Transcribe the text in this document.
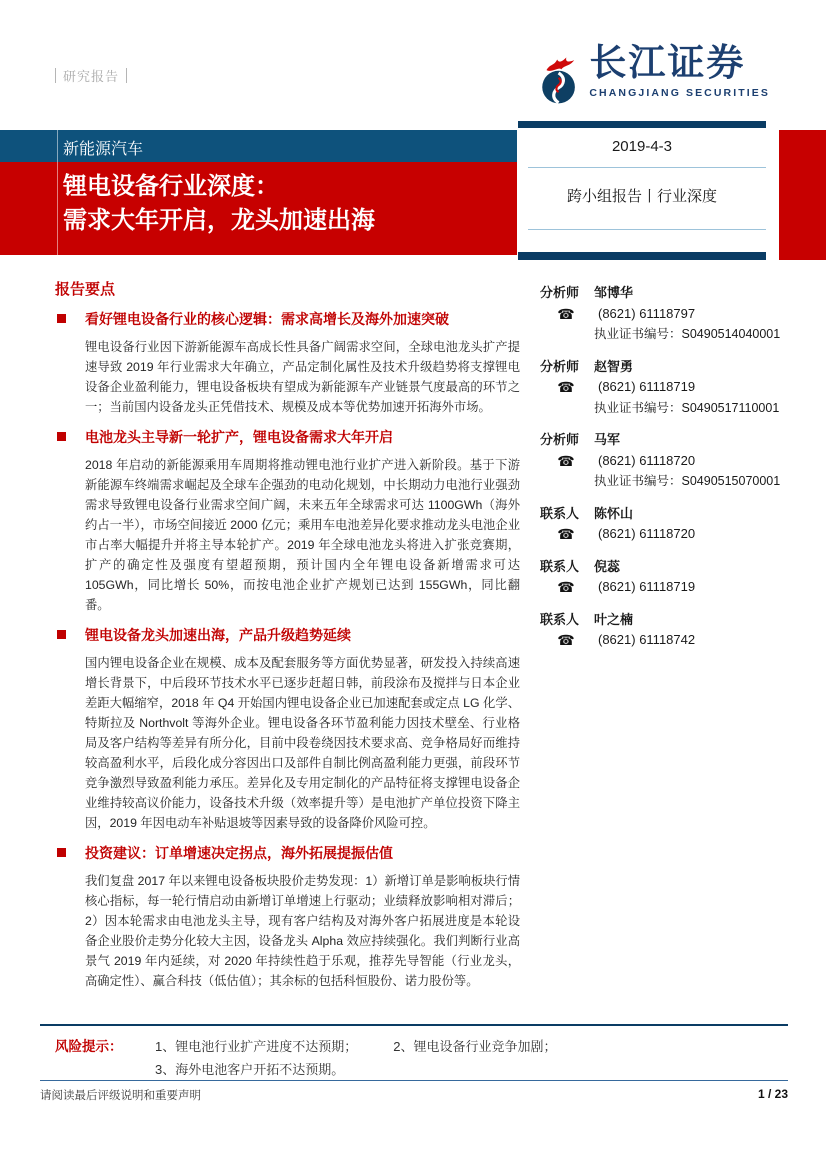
研究报告	长江证券
CHANGJIANG SECURITIES
新能源汽车
锂电设备行业深度：
需求大年开启，龙头加速出海
2019-4-3
跨小组报告丨行业深度
分析师	邹博华
☎	(8621) 61118797
执业证书编号：S0490514040001
分析师	赵智勇
☎	(8621) 61118719
执业证书编号：S0490517110001
分析师	马军
☎	(8621) 61118720
执业证书编号：S0490515070001
联系人	陈怀山
☎	(8621) 61118720
联系人	倪蕊
☎	(8621) 61118719
联系人	叶之楠
☎	(8621) 61118742
报告要点
看好锂电设备行业的核心逻辑：需求高增长及海外加速突破

锂电设备行业因下游新能源车高成长性具备广阔需求空间，全球电池龙头扩产提速导致 2019 年行业需求大年确立，产品定制化属性及技术升级趋势将支撑锂电设备企业盈利能力，锂电设备板块有望成为新能源车产业链景气度最高的环节之一；当前国内设备龙头正凭借技术、规模及成本等优势加速开拓海外市场。

电池龙头主导新一轮扩产，锂电设备需求大年开启

2018 年启动的新能源乘用车周期将推动锂电池行业扩产进入新阶段。基于下游新能源车终端需求崛起及全球车企强劲的电动化规划，中长期动力电池行业强劲需求导致锂电设备行业需求空间广阔，未来五年全球需求可达 1100GWh（海外约占一半），市场空间接近 2000 亿元；乘用车电池差异化要求推动龙头电池企业市占率大幅提升并将主导本轮扩产。2019 年全球电池龙头将进入扩张竞赛期，扩产的确定性及强度有望超预期，预计国内全年锂电设备新增需求可达 105GWh，同比增长 50%，而按电池企业扩产规划已达到 155GWh，同比翻番。

锂电设备龙头加速出海，产品升级趋势延续

国内锂电设备企业在规模、成本及配套服务等方面优势显著，研发投入持续高速增长背景下，中后段环节技术水平已逐步赶超日韩，前段涂布及搅拌与日本企业差距大幅缩窄，2018 年 Q4 开始国内锂电设备企业已加速配套或定点 LG 化学、特斯拉及 Northvolt 等海外企业。锂电设备各环节盈利能力因技术壁垒、行业格局及客户结构等差异有所分化，目前中段卷绕因技术要求高、竞争格局好而维持较高盈利水平，后段化成分容因出口及部件自制比例高盈利能力更强，前段环节竞争激烈导致盈利能力承压。差异化及专用定制化的产品特征将支撑锂电设备企业维持较高议价能力，设备技术升级（效率提升等）是电池扩产单位投资下降主因，2019 年因电动车补贴退坡等因素导致的设备降价风险可控。

投资建议：订单增速决定拐点，海外拓展提振估值

我们复盘 2017 年以来锂电设备板块股价走势发现：1）新增订单是影响板块行情核心指标，每一轮行情启动由新增订单增速上行驱动；业绩释放影响相对滞后；2）因本轮需求由电池龙头主导，现有客户结构及对海外客户拓展进度是本轮设备企业股价走势分化较大主因，设备龙头 Alpha 效应持续强化。我们判断行业高景气 2019 年内延续，对 2020 年持续性趋于乐观，推荐先导智能（行业龙头，高确定性）、赢合科技（低估值）；其余标的包括科恒股份、诺力股份等。

风险提示：	1、锂电池行业扩产进度不达预期；	2、锂电设备行业竞争加剧；
3、海外电池客户开拓不达预期。
请阅读最后评级说明和重要声明	1 / 23
